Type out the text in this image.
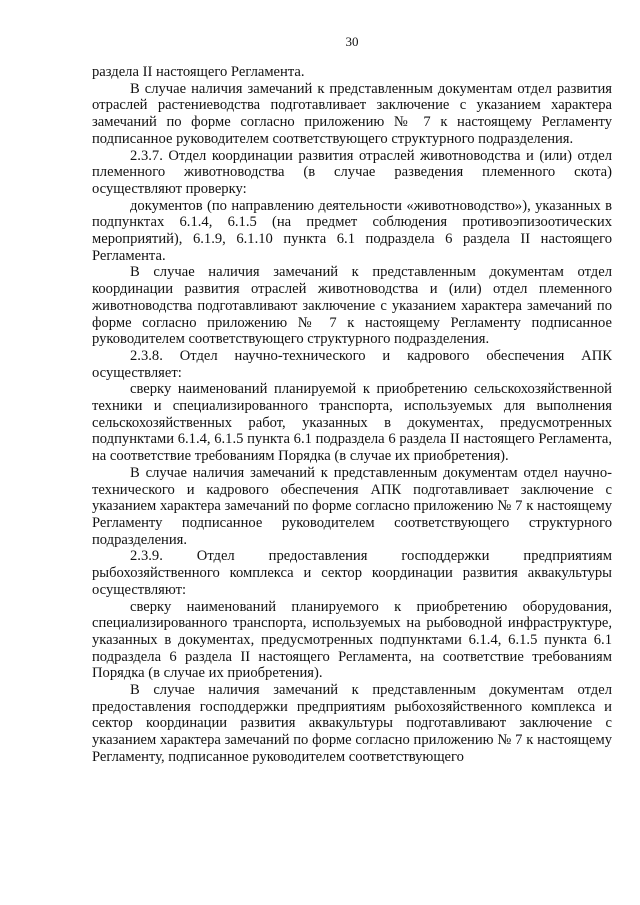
30

раздела II настоящего Регламента.

В случае наличия замечаний к представленным документам отдел развития отраслей растениеводства подготавливает заключение с указанием характера замечаний по форме согласно приложению № 7 к настоящему Регламенту подписанное руководителем соответствующего структурного подразделения.

2.3.7. Отдел координации развития отраслей животноводства и (или) отдел племенного животноводства (в случае разведения племенного скота) осуществляют проверку:

документов (по направлению деятельности «животноводство»), указанных в подпунктах 6.1.4, 6.1.5 (на предмет соблюдения противоэпизоотических мероприятий), 6.1.9, 6.1.10 пункта 6.1 подраздела 6 раздела II настоящего Регламента.

В случае наличия замечаний к представленным документам отдел координации развития отраслей животноводства и (или) отдел племенного животноводства подготавливают заключение с указанием характера замечаний по форме согласно приложению № 7 к настоящему Регламенту подписанное руководителем соответствующего структурного подразделения.

2.3.8. Отдел научно-технического и кадрового обеспечения АПК осуществляет:

сверку наименований планируемой к приобретению сельскохозяйственной техники и специализированного транспорта, используемых для выполнения сельскохозяйственных работ, указанных в документах, предусмотренных подпунктами 6.1.4, 6.1.5 пункта 6.1 подраздела 6 раздела II настоящего Регламента, на соответствие требованиям Порядка (в случае их приобретения).

В случае наличия замечаний к представленным документам отдел научно-технического и кадрового обеспечения АПК подготавливает заключение с указанием характера замечаний по форме согласно приложению № 7 к настоящему Регламенту подписанное руководителем соответствующего структурного подразделения.

2.3.9. Отдел предоставления господдержки предприятиям рыбохозяйственного комплекса и сектор координации развития аквакультуры осуществляют:

сверку наименований планируемого к приобретению оборудования, специализированного транспорта, используемых на рыбоводной инфраструктуре, указанных в документах, предусмотренных подпунктами 6.1.4, 6.1.5 пункта 6.1 подраздела 6 раздела II настоящего Регламента, на соответствие требованиям Порядка (в случае их приобретения).

В случае наличия замечаний к представленным документам отдел предоставления господдержки предприятиям рыбохозяйственного комплекса и сектор координации развития аквакультуры подготавливают заключение с указанием характера замечаний по форме согласно приложению № 7 к настоящему Регламенту, подписанное руководителем соответствующего
